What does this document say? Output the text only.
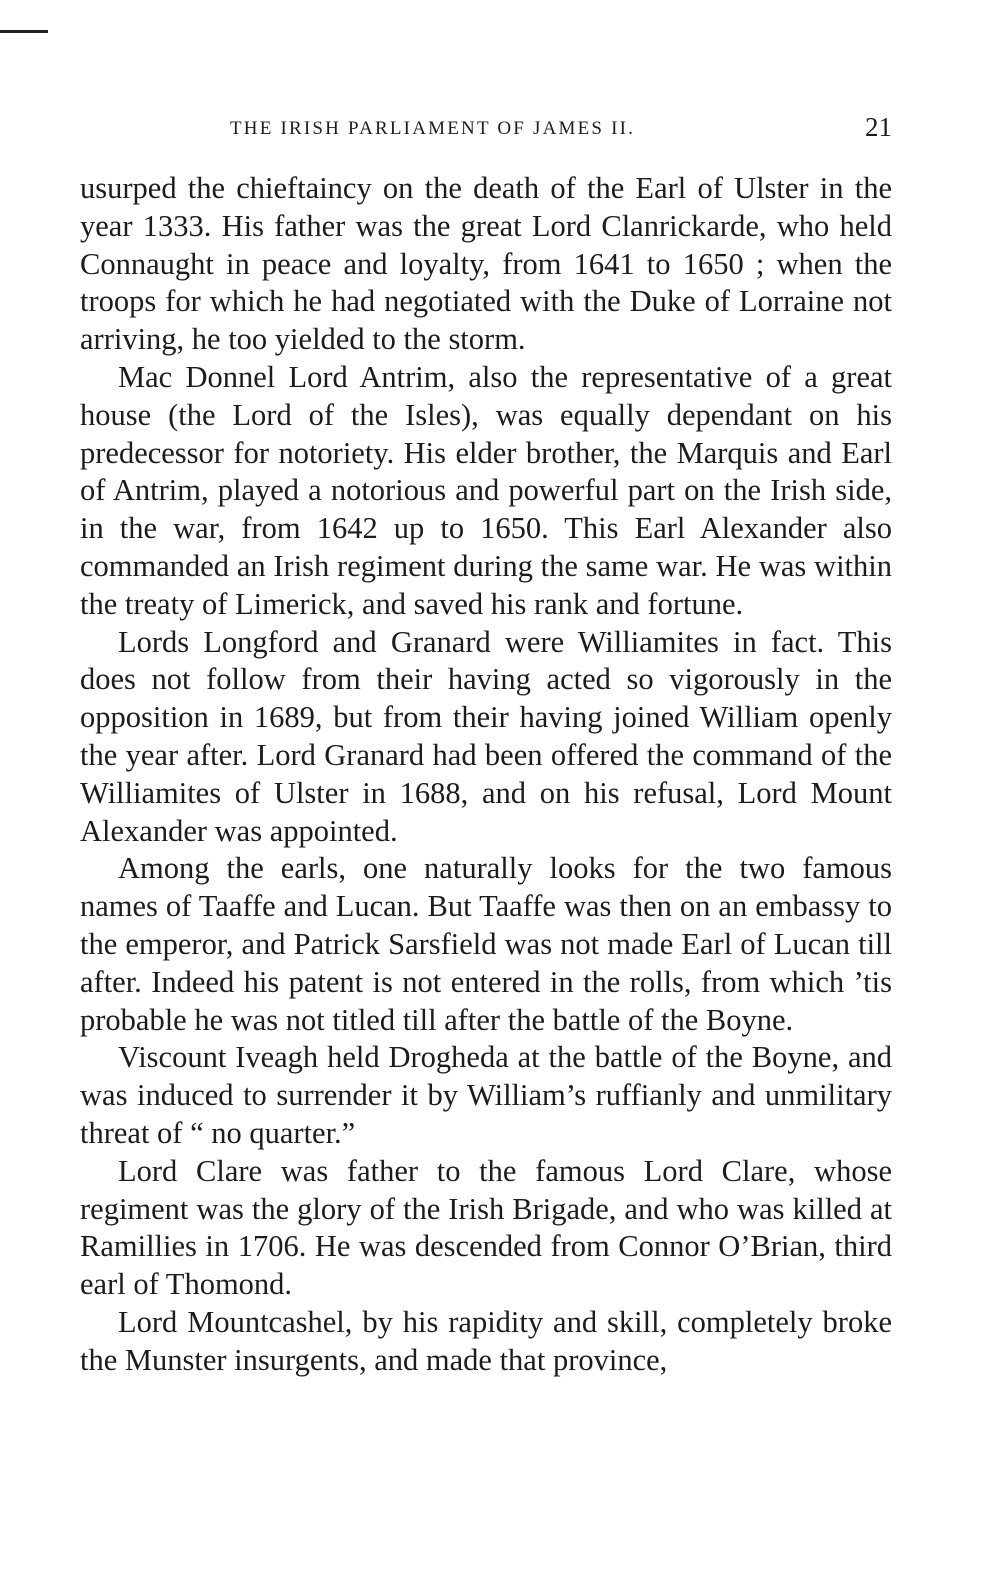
THE IRISH PARLIAMENT OF JAMES II.	21

usurped the chieftaincy on the death of the Earl of Ulster in the year 1333. His father was the great Lord Clanrickarde, who held Connaught in peace and loyalty, from 1641 to 1650 ; when the troops for which he had negotiated with the Duke of Lorraine not arriving, he too yielded to the storm.

Mac Donnel Lord Antrim, also the representative of a great house (the Lord of the Isles), was equally dependant on his predecessor for notoriety. His elder brother, the Marquis and Earl of Antrim, played a notorious and powerful part on the Irish side, in the war, from 1642 up to 1650. This Earl Alexander also commanded an Irish regiment during the same war. He was within the treaty of Limerick, and saved his rank and fortune.

Lords Longford and Granard were Williamites in fact. This does not follow from their having acted so vigorously in the opposition in 1689, but from their having joined William openly the year after. Lord Granard had been offered the command of the Williamites of Ulster in 1688, and on his refusal, Lord Mount Alexander was appointed.

Among the earls, one naturally looks for the two famous names of Taaffe and Lucan. But Taaffe was then on an embassy to the emperor, and Patrick Sarsfield was not made Earl of Lucan till after. Indeed his patent is not entered in the rolls, from which ’tis probable he was not titled till after the battle of the Boyne.

Viscount Iveagh held Drogheda at the battle of the Boyne, and was induced to surrender it by William’s ruffianly and unmilitary threat of “ no quarter.”

Lord Clare was father to the famous Lord Clare, whose regiment was the glory of the Irish Brigade, and who was killed at Ramillies in 1706. He was descended from Connor O’Brian, third earl of Thomond.

Lord Mountcashel, by his rapidity and skill, completely broke the Munster insurgents, and made that province,
